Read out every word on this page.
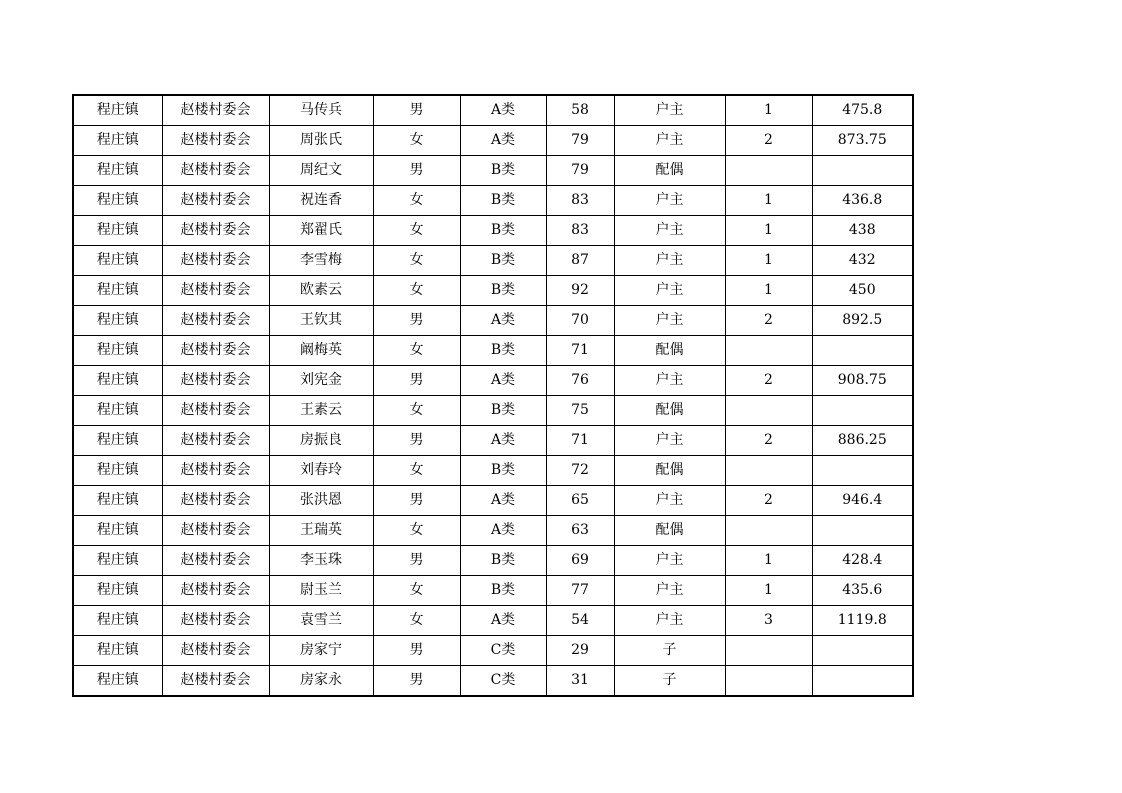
程庄镇	赵楼村委会	马传兵	男	A类	58	户主	1	475.8
程庄镇	赵楼村委会	周张氏	女	A类	79	户主	2	873.75
程庄镇	赵楼村委会	周纪文	男	B类	79	配偶		
程庄镇	赵楼村委会	祝连香	女	B类	83	户主	1	436.8
程庄镇	赵楼村委会	郑翟氏	女	B类	83	户主	1	438
程庄镇	赵楼村委会	李雪梅	女	B类	87	户主	1	432
程庄镇	赵楼村委会	欧素云	女	B类	92	户主	1	450
程庄镇	赵楼村委会	王钦其	男	A类	70	户主	2	892.5
程庄镇	赵楼村委会	阚梅英	女	B类	71	配偶		
程庄镇	赵楼村委会	刘宪金	男	A类	76	户主	2	908.75
程庄镇	赵楼村委会	王素云	女	B类	75	配偶		
程庄镇	赵楼村委会	房振良	男	A类	71	户主	2	886.25
程庄镇	赵楼村委会	刘春玲	女	B类	72	配偶		
程庄镇	赵楼村委会	张洪恩	男	A类	65	户主	2	946.4
程庄镇	赵楼村委会	王瑞英	女	A类	63	配偶		
程庄镇	赵楼村委会	李玉珠	男	B类	69	户主	1	428.4
程庄镇	赵楼村委会	尉玉兰	女	B类	77	户主	1	435.6
程庄镇	赵楼村委会	袁雪兰	女	A类	54	户主	3	1119.8
程庄镇	赵楼村委会	房家宁	男	C类	29	子		
程庄镇	赵楼村委会	房家永	男	C类	31	子		
